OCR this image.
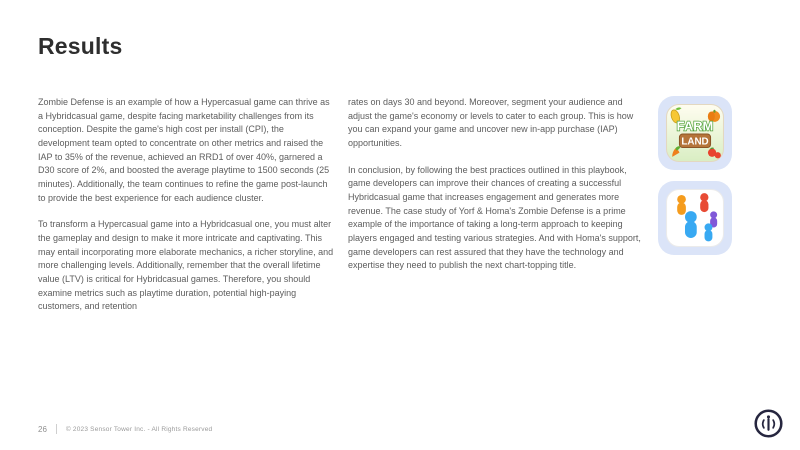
Results

Zombie Defense is an example of how a Hypercasual game can thrive as a Hybridcasual game, despite facing marketability challenges from its conception. Despite the game's high cost per install (CPI), the development team opted to concentrate on other metrics and raised the IAP to 35% of the revenue, achieved an RRD1 of over 40%, garnered a D30 score of 2%, and boosted the average playtime to 1500 seconds (25 minutes). Additionally, the team continues to refine the game post-launch to provide the best experience for each audience cluster.

To transform a Hypercasual game into a Hybridcasual one, you must alter the gameplay and design to make it more intricate and captivating. This may entail incorporating more elaborate mechanics, a richer storyline, and more challenging levels. Additionally, remember that the overall lifetime value (LTV) is critical for Hybridcasual games. Therefore, you should examine metrics such as playtime duration, potential high-paying customers, and retention

rates on days 30 and beyond. Moreover, segment your audience and adjust the game's economy or levels to cater to each group. This is how you can expand your game and uncover new in-app purchase (IAP) opportunities.

In conclusion, by following the best practices outlined in this playbook, game developers can improve their chances of creating a successful Hybridcasual game that increases engagement and generates more revenue. The case study of Yorf & Homa's Zombie Defense is a prime example of the importance of taking a long-term approach to keeping players engaged and testing various strategies. And with Homa's support, game developers can rest assured that they have the technology and expertise they need to publish the next chart-topping title.

FARM
LAND
26	© 2023 Sensor Tower Inc. - All Rights Reserved
